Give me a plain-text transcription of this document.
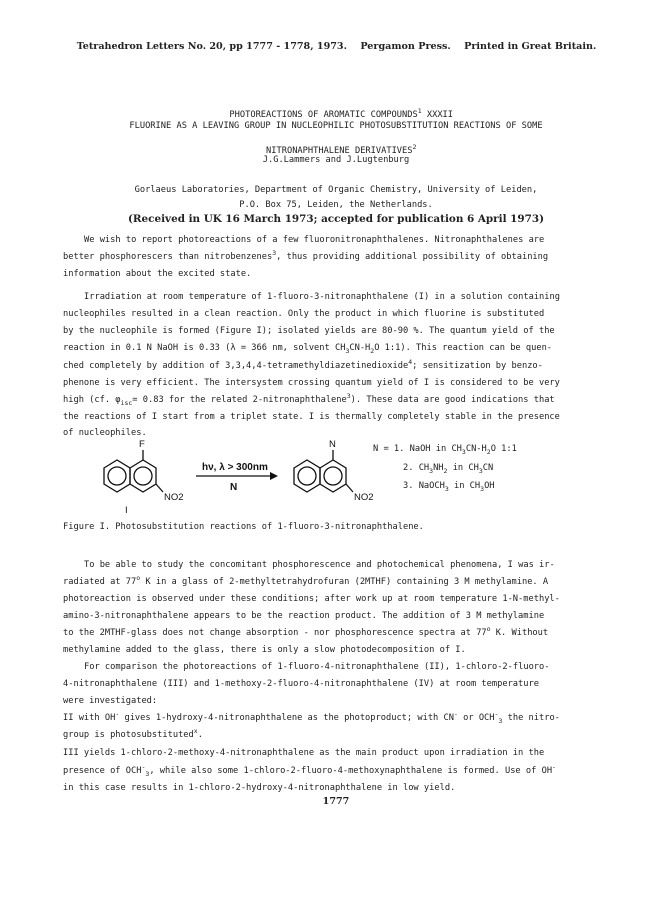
Tetrahedron Letters No. 20, pp 1777 - 1778, 1973. Pergamon Press. Printed in Great Britain.

PHOTOREACTIONS OF AROMATIC COMPOUNDS$^1$ XXXII

FLUORINE AS A LEAVING GROUP IN NUCLEOPHILIC PHOTOSUBSTITUTION REACTIONS OF SOME

NITRONAPHTHALENE DERIVATIVES$^2$

J.G.Lammers and J.Lugtenburg
Gorlaeus Laboratories, Department of Organic Chemistry, University of Leiden,
P.O. Box 75, Leiden, the Netherlands.
(Received in UK 16 March 1973; accepted for publication 6 April 1973)
We wish to report photoreactions of a few fluoronitronaphthalenes. Nitronaphthalenes are
better phosphorescers than nitrobenzenes$^3$, thus providing additional possibility of obtaining
information about the excited state.
Irradiation at room temperature of 1-fluoro-3-nitronaphthalene (I) in a solution containing
nucleophiles resulted in a clean reaction. Only the product in which fluorine is substituted
by the nucleophile is formed (Figure I); isolated yields are 80-90 %. The quantum yield of the
reaction in 0.1 N NaOH is 0.33 (λ = 366 nm, solvent $CH_3CN-H_2O$ 1:1). This reaction can be quen-
ched completely by addition of 3,3,4,4-tetramethyldiazetinedioxide$^4$; sensitization by benzo-
phenone is very efficient. The intersystem crossing quantum yield of I is considered to be very
high (cf. $\varphi_{isc}= 0.83$ for the related 2-nitronaphthalene$^3$). These data are good indications that
the reactions of I start from a triplet state. I is thermally completely stable in the presence
of nucleophiles.
F
NO2
I
hν, λ > 300nm
N
N
NO2
N = 1. NaOH in $CH_3CN-H_2O$ 1:1
2. $CH_3NH_2$ in $CH_3CN$
3. NaOCH$_3$ in $CH_3OH$
Figure I. Photosubstitution reactions of 1-fluoro-3-nitronaphthalene.
To be able to study the concomitant phosphorescence and photochemical phenomena, I was ir-
radiated at 77$^o$ K in a glass of 2-methyltetrahydrofuran (2MTHF) containing 3 M methylamine. A
photoreaction is observed under these conditions; after work up at room temperature 1-N-methyl-
amino-3-nitronaphthalene appears to be the reaction product. The addition of 3 M methylamine
to the 2MTHF-glass does not change absorption - nor phosphorescence spectra at 77$^o$ K. Without
methylamine added to the glass, there is only a slow photodecomposition of I.
For comparison the photoreactions of 1-fluoro-4-nitronaphthalene (II), 1-chloro-2-fluoro-
4-nitronaphthalene (III) and 1-methoxy-2-fluoro-4-nitronaphthalene (IV) at room temperature
were investigated:
II with OH- gives 1-hydroxy-4-nitronaphthalene as the photoproduct; with CN- or $OCH^-_3$ the nitro-
group is photosubstituted$^x$.
III yields 1-chloro-2-methoxy-4-nitronaphthalene as the main product upon irradiation in the
presence of $OCH^-_3$, while also some 1-chloro-2-fluoro-4-methoxynaphthalene is formed. Use of OH-
in this case results in 1-chloro-2-hydroxy-4-nitronaphthalene in low yield.
1777
